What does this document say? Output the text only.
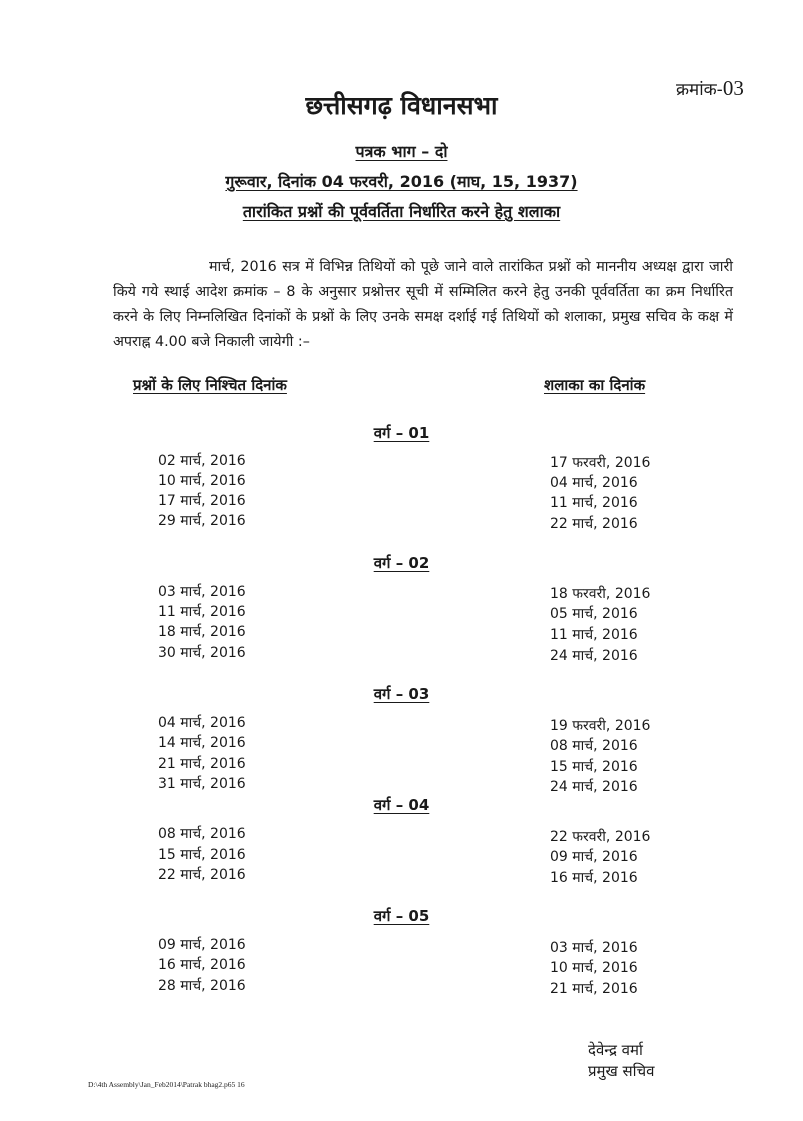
क्रमांक-03
छत्तीसगढ़ विधानसभा
पत्रक भाग – दो
गुरूवार, दिनांक 04 फरवरी, 2016 (माघ, 15, 1937)
तारांकित प्रश्नों की पूर्ववर्तिता निर्धारित करने हेतु शलाका
मार्च, 2016 सत्र में विभिन्न तिथियों को पूछे जाने वाले तारांकित प्रश्नों को माननीय अध्यक्ष द्वारा जारी किये गये स्थाई आदेश क्रमांक – 8 के अनुसार प्रश्नोत्तर सूची में सम्मिलित करने हेतु उनकी पूर्ववर्तिता का क्रम निर्धारित करने के लिए निम्नलिखित दिनांकों के प्रश्नों के लिए उनके समक्ष दर्शाई गई तिथियों को शलाका, प्रमुख सचिव के कक्ष में अपराह्न 4.00 बजे निकाली जायेगी :–
प्रश्नों के लिए निश्चित दिनांक	शलाका का दिनांक
वर्ग – 01
02 मार्च, 2016
10 मार्च, 2016
17 मार्च, 2016
29 मार्च, 2016
17 फरवरी, 2016
04 मार्च, 2016
11 मार्च, 2016
22 मार्च, 2016
वर्ग – 02
03 मार्च, 2016
11 मार्च, 2016
18 मार्च, 2016
30 मार्च, 2016
18 फरवरी, 2016
05 मार्च, 2016
11 मार्च, 2016
24 मार्च, 2016
वर्ग – 03
04 मार्च, 2016
14 मार्च, 2016
21 मार्च, 2016
31 मार्च, 2016
19 फरवरी, 2016
08 मार्च, 2016
15 मार्च, 2016
24 मार्च, 2016
वर्ग – 04
08 मार्च, 2016
15 मार्च, 2016
22 मार्च, 2016
22 फरवरी, 2016
09 मार्च, 2016
16 मार्च, 2016
वर्ग – 05
09 मार्च, 2016
16 मार्च, 2016
28 मार्च, 2016
03 मार्च, 2016
10 मार्च, 2016
21 मार्च, 2016
देवेन्द्र वर्मा
प्रमुख सचिव
D:\4th Assembly\Jan_Feb2014\Patrak bhag2.p65 16
